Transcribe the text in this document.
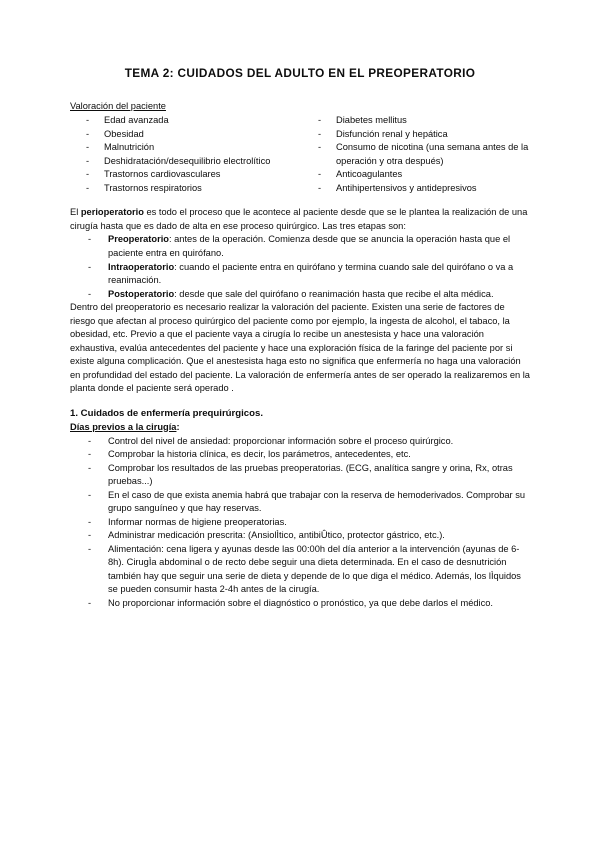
TEMA 2: CUIDADOS DEL ADULTO EN EL PREOPERATORIO
Valoración del paciente
- Edad avanzada
- Obesidad
- Malnutrición
- Deshidratación/desequilibrio electrolítico
- Trastornos cardiovasculares
- Trastornos respiratorios
- Diabetes mellitus
- Disfunción renal y hepática
- Consumo de nicotina (una semana antes de la operación y otra después)
- Anticoagulantes
- Antihipertensivos y antidepresivos

El perioperatorio es todo el proceso que le acontece al paciente desde que se le plantea la realización de una cirugía hasta que es dado de alta en ese proceso quirúrgico. Las tres etapas son:

- Preoperatorio: antes de la operación. Comienza desde que se anuncia la operación hasta que el paciente entra en quirófano.
- Intraoperatorio: cuando el paciente entra en quirófano y termina cuando sale del quirófano o va a reanimación.
- Postoperatorio: desde que sale del quirófano o reanimación hasta que recibe el alta médica.

Dentro del preoperatorio es necesario realizar la valoración del paciente. Existen una serie de factores de riesgo que afectan al proceso quirúrgico del paciente como por ejemplo, la ingesta de alcohol, el tabaco, la obesidad, etc. Previo a que el paciente vaya a cirugía lo recibe un anestesista y hace una valoración exhaustiva, evalúa antecedentes del paciente y hace una exploración física de la faringe del paciente por si existe alguna complicación. Que el anestesista haga esto no significa que enfermería no haga una valoración en profundidad del estado del paciente. La valoración de enfermería antes de ser operado la realizaremos en la planta donde el paciente será operado .

1. Cuidados de enfermería prequirúrgicos.
Días previos a la cirugía:
- Control del nivel de ansiedad: proporcionar información sobre el proceso quirúrgico.
- Comprobar la historia clínica, es decir, los parámetros, antecedentes, etc.
- Comprobar los resultados de las pruebas preoperatorias. (ECG, analítica sangre y orina, Rx, otras pruebas...)
- En el caso de que exista anemia habrá que trabajar con la reserva de hemoderivados. Comprobar su grupo sanguíneo y que hay reservas.
- Informar normas de higiene preoperatorias.
- Administrar medicación prescrita: (AnsiolÌtico, antibiÛtico, protector gástrico, etc.).
- Alimentación: cena ligera y ayunas desde las 00:00h del día anterior a la intervención (ayunas de 6-8h). CirugÌa abdominal o de recto debe seguir una dieta determinada. En el caso de desnutrición también hay que seguir una serie de dieta y depende de lo que diga el médico. Además, los lÌquidos se pueden consumir hasta 2-4h antes de la cirugía.
- No proporcionar información sobre el diagnóstico o pronóstico, ya que debe darlos el médico.
